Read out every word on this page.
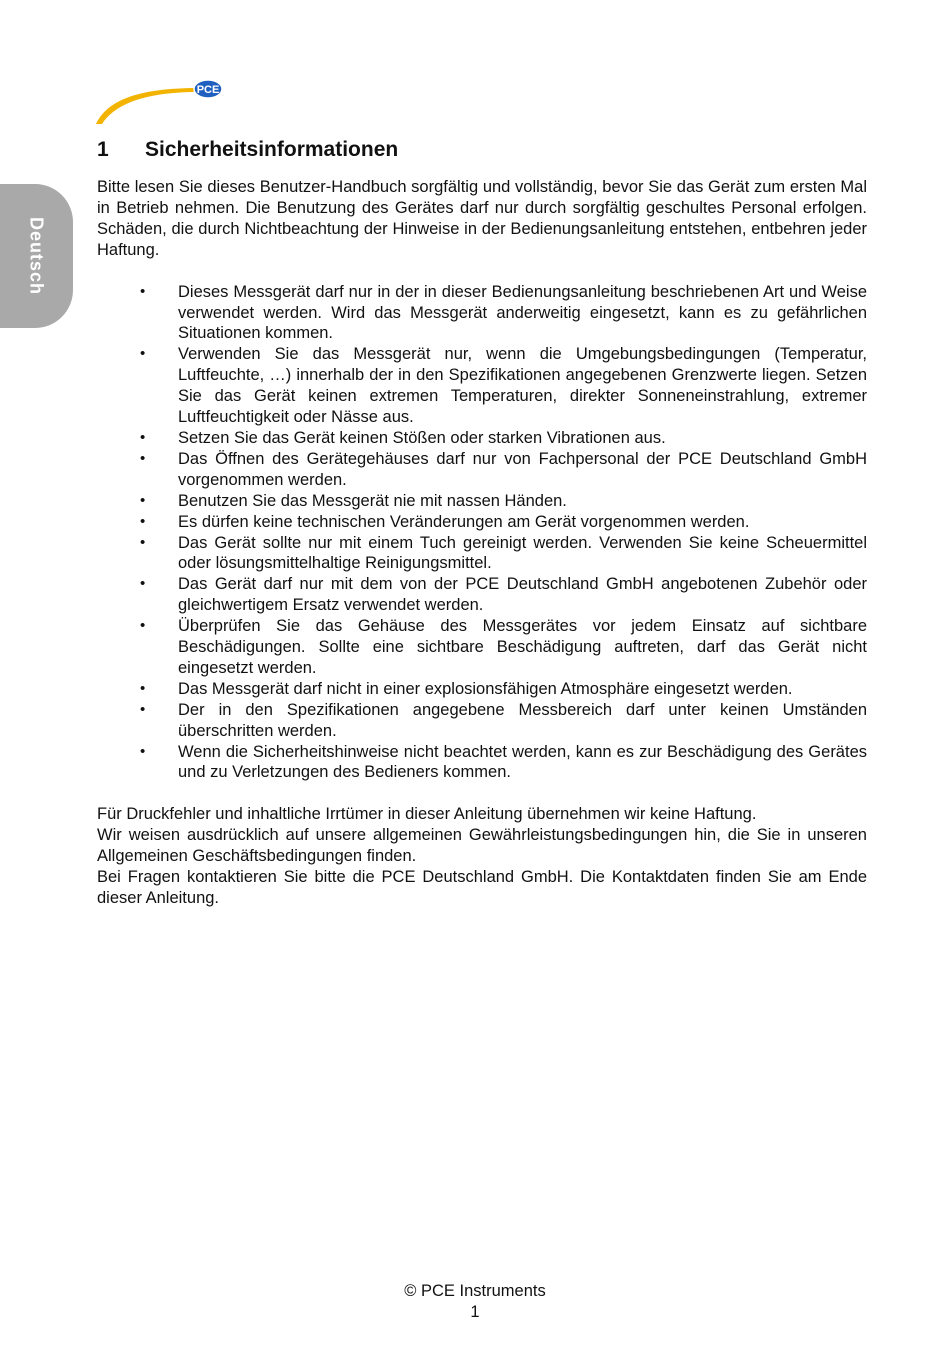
PCE
Deutsch
1 Sicherheitsinformationen

Bitte lesen Sie dieses Benutzer-Handbuch sorgfältig und vollständig, bevor Sie das Gerät zum ersten Mal in Betrieb nehmen. Die Benutzung des Gerätes darf nur durch sorgfältig geschultes Personal erfolgen. Schäden, die durch Nichtbeachtung der Hinweise in der Bedienungsanleitung entstehen, entbehren jeder Haftung.

• Dieses Messgerät darf nur in der in dieser Bedienungsanleitung beschriebenen Art und Weise verwendet werden. Wird das Messgerät anderweitig eingesetzt, kann es zu gefährlichen Situationen kommen.
• Verwenden Sie das Messgerät nur, wenn die Umgebungsbedingungen (Temperatur, Luftfeuchte, …) innerhalb der in den Spezifikationen angegebenen Grenzwerte liegen. Setzen Sie das Gerät keinen extremen Temperaturen, direkter Sonneneinstrahlung, extremer Luftfeuchtigkeit oder Nässe aus.
• Setzen Sie das Gerät keinen Stößen oder starken Vibrationen aus.
• Das Öffnen des Gerätegehäuses darf nur von Fachpersonal der PCE Deutschland GmbH vorgenommen werden.
• Benutzen Sie das Messgerät nie mit nassen Händen.
• Es dürfen keine technischen Veränderungen am Gerät vorgenommen werden.
• Das Gerät sollte nur mit einem Tuch gereinigt werden. Verwenden Sie keine Scheuermittel oder lösungsmittelhaltige Reinigungsmittel.
• Das Gerät darf nur mit dem von der PCE Deutschland GmbH angebotenen Zubehör oder gleichwertigem Ersatz verwendet werden.
• Überprüfen Sie das Gehäuse des Messgerätes vor jedem Einsatz auf sichtbare Beschädigungen. Sollte eine sichtbare Beschädigung auftreten, darf das Gerät nicht eingesetzt werden.
• Das Messgerät darf nicht in einer explosionsfähigen Atmosphäre eingesetzt werden.
• Der in den Spezifikationen angegebene Messbereich darf unter keinen Umständen überschritten werden.
• Wenn die Sicherheitshinweise nicht beachtet werden, kann es zur Beschädigung des Gerätes und zu Verletzungen des Bedieners kommen.

Für Druckfehler und inhaltliche Irrtümer in dieser Anleitung übernehmen wir keine Haftung.

Wir weisen ausdrücklich auf unsere allgemeinen Gewährleistungsbedingungen hin, die Sie in unseren Allgemeinen Geschäftsbedingungen finden.

Bei Fragen kontaktieren Sie bitte die PCE Deutschland GmbH. Die Kontaktdaten finden Sie am Ende dieser Anleitung.

© PCE Instruments
1
